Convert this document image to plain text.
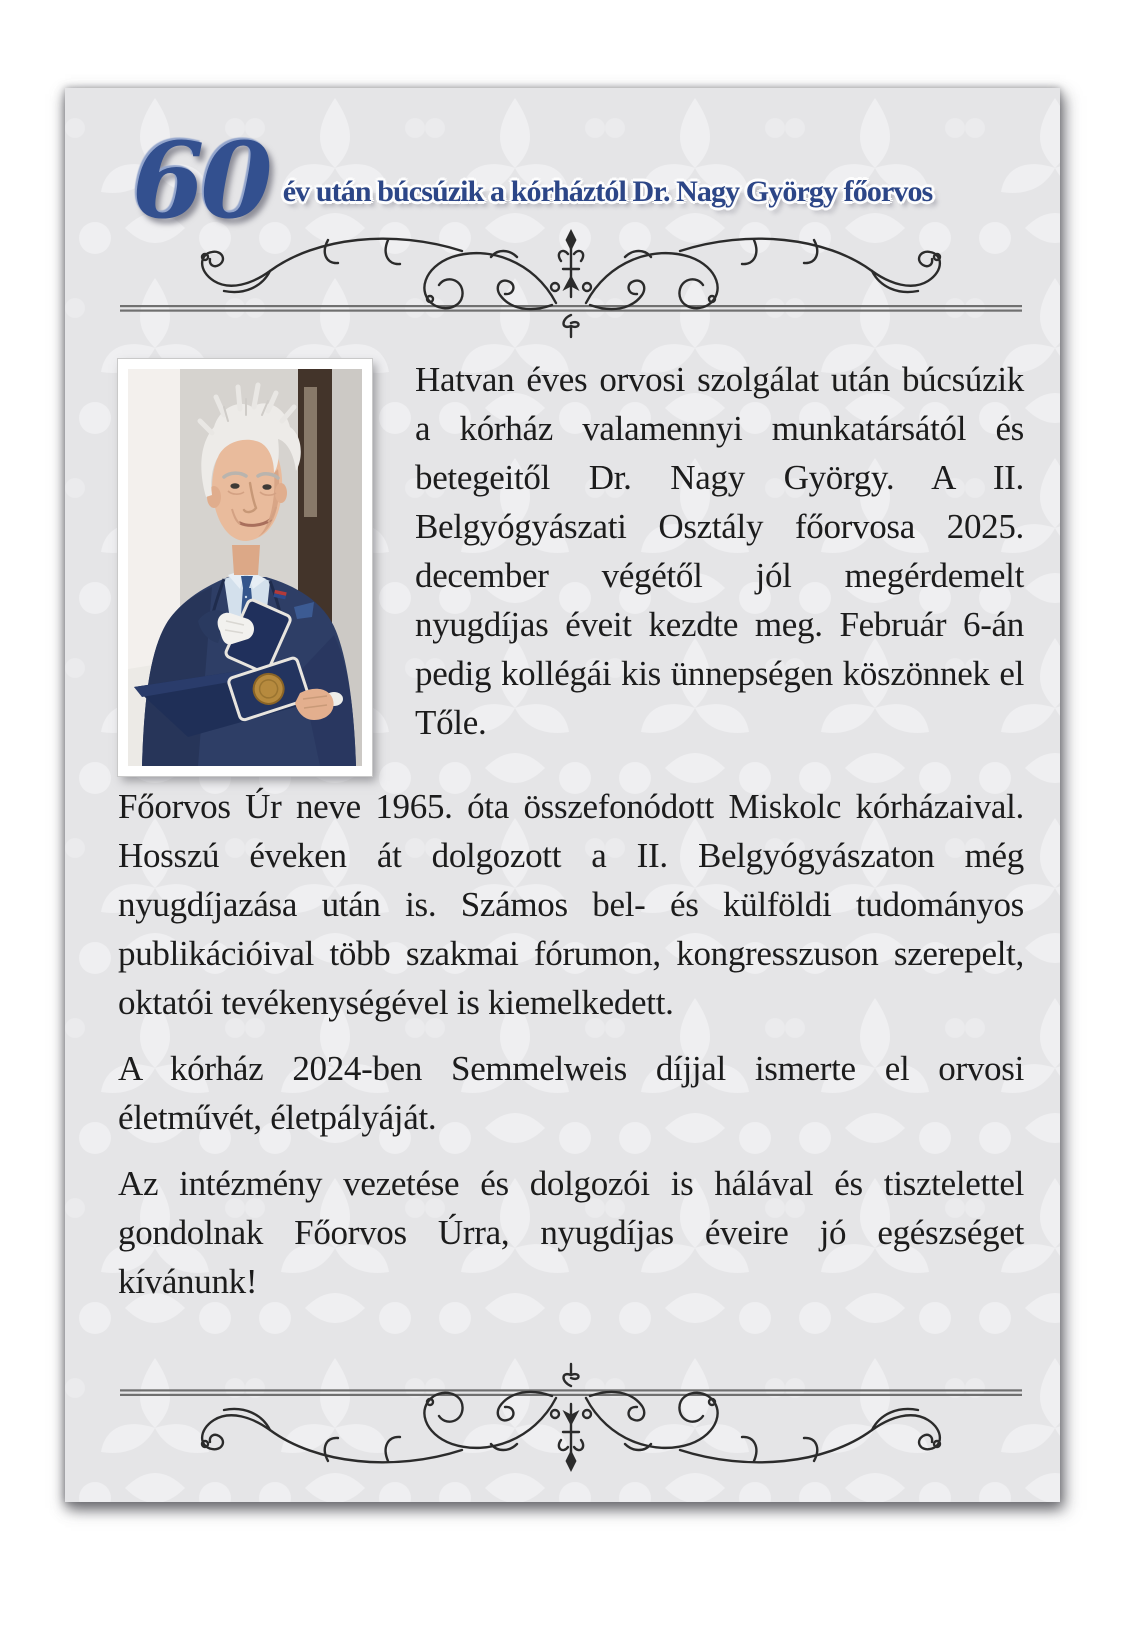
60 év után búcsúzik a kórháztól Dr. Nagy György főorvos

Hatvan éves orvosi szolgálat után búcsúzik a kórház valamennyi munkatársától és betegeitől Dr. Nagy György. A II. Belgyógyászati Osztály főorvosa 2025. december végétől jól megérdemelt nyugdíjas éveit kezdte meg. Február 6-án pedig kollégái kis ünnepségen köszönnek el Tőle.

Főorvos Úr neve 1965. óta összefonódott Miskolc kórházaival. Hosszú éveken át dolgozott a II. Belgyógyászaton még nyugdíjazása után is. Számos bel- és külföldi tudományos publikációival több szakmai fórumon, kongresszuson szerepelt, oktatói tevékenységével is kiemelkedett.

A kórház 2024-ben Semmelweis díjjal ismerte el orvosi életművét, életpályáját.

Az intézmény vezetése és dolgozói is hálával és tisztelettel gondolnak Főorvos Úrra, nyugdíjas éveire jó egészséget kívánunk!
